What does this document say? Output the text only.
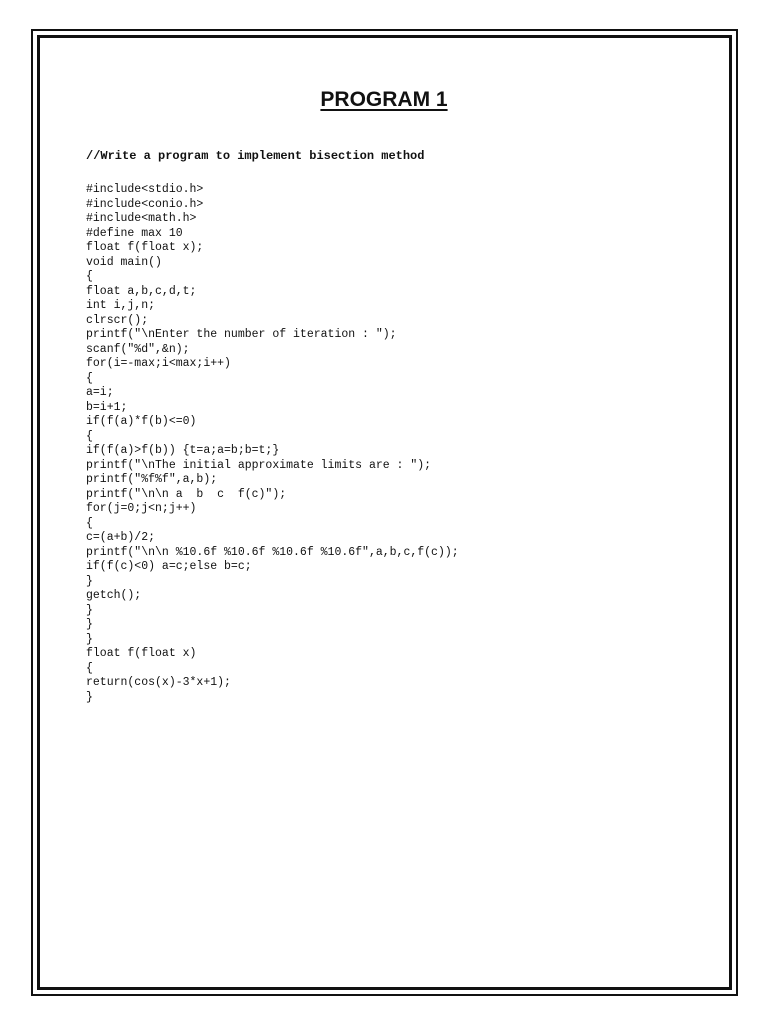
PROGRAM 1
//Write a program to implement bisection method
#include<stdio.h>
#include<conio.h>
#include<math.h>
#define max 10
float f(float x);
void main()
{
float a,b,c,d,t;
int i,j,n;
clrscr();
printf("\nEnter the number of iteration : ");
scanf("%d",&n);
for(i=-max;i<max;i++)
{
a=i;
b=i+1;
if(f(a)*f(b)<=0)
{
if(f(a)>f(b)) {t=a;a=b;b=t;}
printf("\nThe initial approximate limits are : ");
printf("%f%f",a,b);
printf("\n\n a  b  c  f(c)");
for(j=0;j<n;j++)
{
c=(a+b)/2;
printf("\n\n %10.6f %10.6f %10.6f %10.6f",a,b,c,f(c));
if(f(c)<0) a=c;else b=c;
}
getch();
}
}
}
float f(float x)
{
return(cos(x)-3*x+1);
}
